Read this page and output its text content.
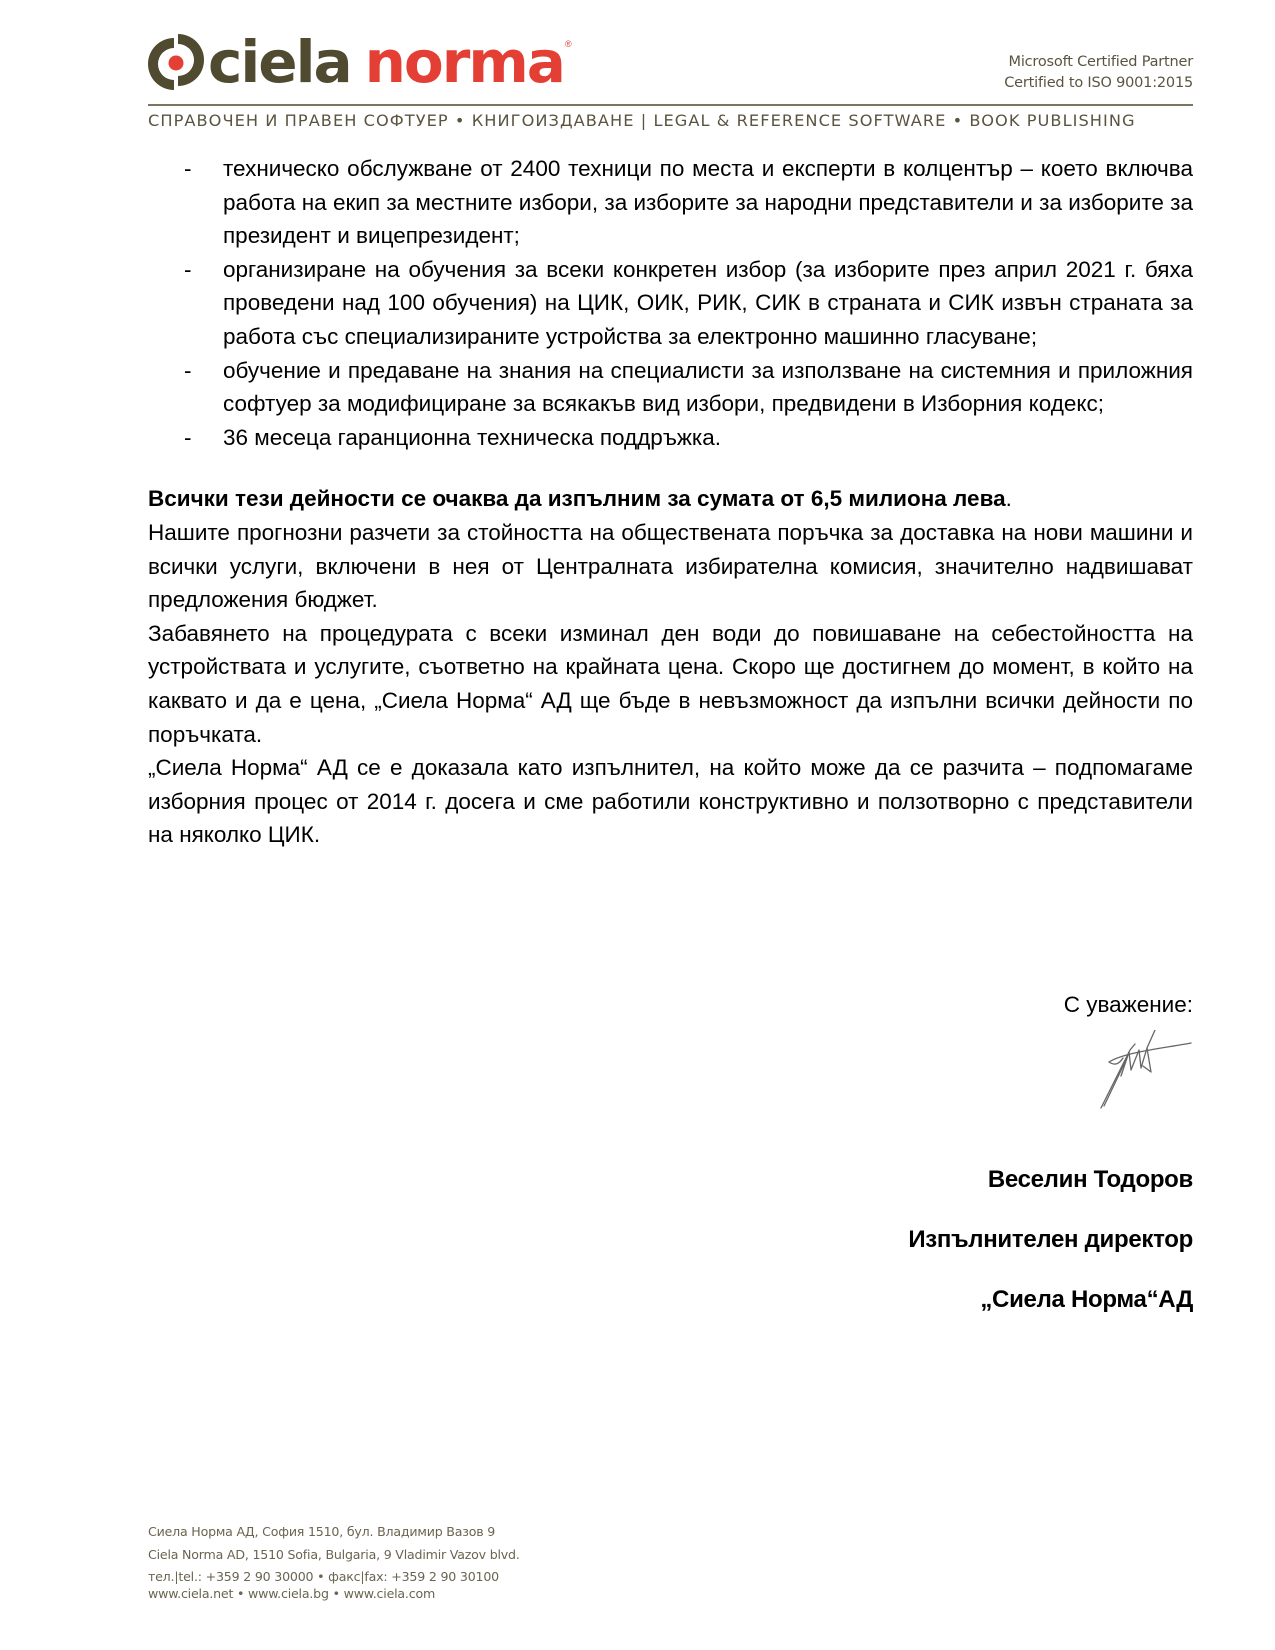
ciela norma ®
Microsoft Certified Partner
Certified to ISO 9001:2015
СПРАВОЧЕН И ПРАВЕН СОФТУЕР • КНИГОИЗДАВАНЕ | LEGAL & REFERENCE SOFTWARE • BOOK PUBLISHING
- техническо обслужване от 2400 техници по места и експерти в колцентър – което включва работа на екип за местните избори, за изборите за народни представители и за изборите за президент и вицепрезидент;
- организиране на обучения за всеки конкретен избор (за изборите през април 2021 г. бяха проведени над 100 обучения) на ЦИК, ОИК, РИК, СИК в страната и СИК извън страната за работа със специализираните устройства за електронно машинно гласуване;
- обучение и предаване на знания на специалисти за използване на системния и приложния софтуер за модифициране за всякакъв вид избори, предвидени в Изборния кодекс;
- 36 месеца гаранционна техническа поддръжка.

Всички тези дейности се очаква да изпълним за сумата от 6,5 милиона лева.

Нашите прогнозни разчети за стойността на обществената поръчка за доставка на нови машини и всички услуги, включени в нея от Централната избирателна комисия, значително надвишават предложения бюджет.

Забавянето на процедурата с всеки изминал ден води до повишаване на себестойността на устройствата и услугите, съответно на крайната цена. Скоро ще достигнем до момент, в който на каквато и да е цена, „Сиела Норма“ АД ще бъде в невъзможност да изпълни всички дейности по поръчката.

„Сиела Норма“ АД се е доказала като изпълнител, на който може да се разчита – подпомагаме изборния процес от 2014 г. досега и сме работили конструктивно и ползотворно с представители на няколко ЦИК.

С уважение:
Веселин Тодоров
Изпълнителен директор
„Сиела Норма“АД
Сиела Норма АД, София 1510, бул. Владимир Вазов 9
Ciela Norma AD, 1510 Sofia, Bulgaria, 9 Vladimir Vazov blvd.
тел.|tel.: +359 2 90 30000 • факс|fax: +359 2 90 30100
www.ciela.net • www.ciela.bg • www.ciela.com
